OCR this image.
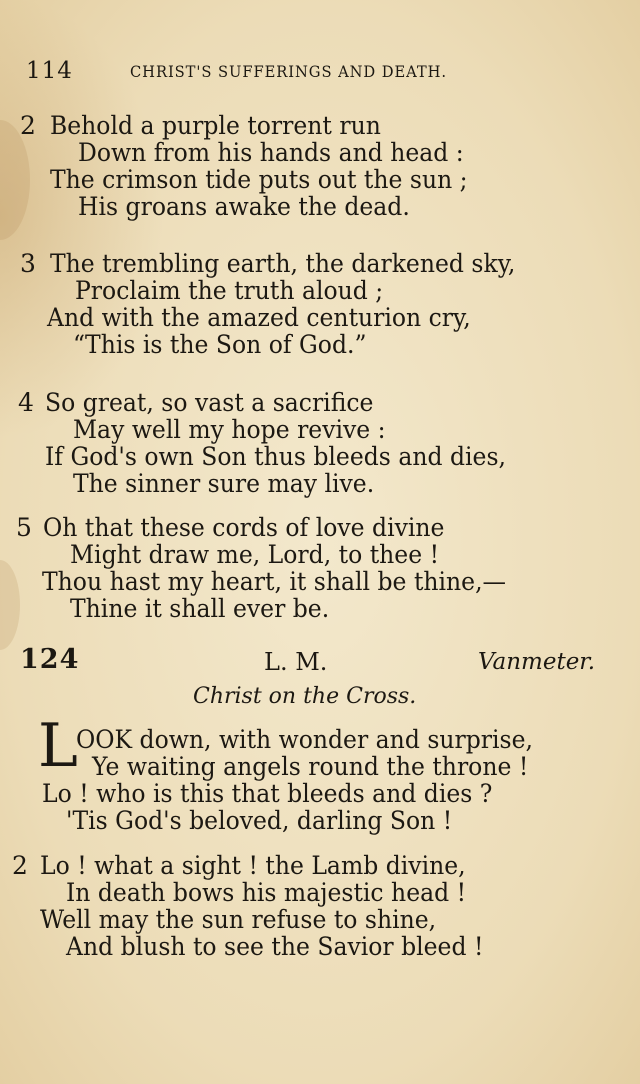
114	CHRIST'S SUFFERINGS AND DEATH.
2 Behold a purple torrent run
Down from his hands and head :
The crimson tide puts out the sun ;
His groans awake the dead.
3 The trembling earth, the darkened sky,
Proclaim the truth aloud ;
And with the amazed centurion cry,
“This is the Son of God.”
4 So great, so vast a sacrifice
May well my hope revive :
If God's own Son thus bleeds and dies,
The sinner sure may live.
5 Oh that these cords of love divine
Might draw me, Lord, to thee !
Thou hast my heart, it shall be thine,—
Thine it shall ever be.
124	L. M.	Vanmeter.
Christ on the Cross.
L
OOK down, with wonder and surprise,
Ye waiting angels round the throne !
Lo ! who is this that bleeds and dies ?
'Tis God's beloved, darling Son !
2 Lo ! what a sight ! the Lamb divine,
In death bows his majestic head !
Well may the sun refuse to shine,
And blush to see the Savior bleed !
